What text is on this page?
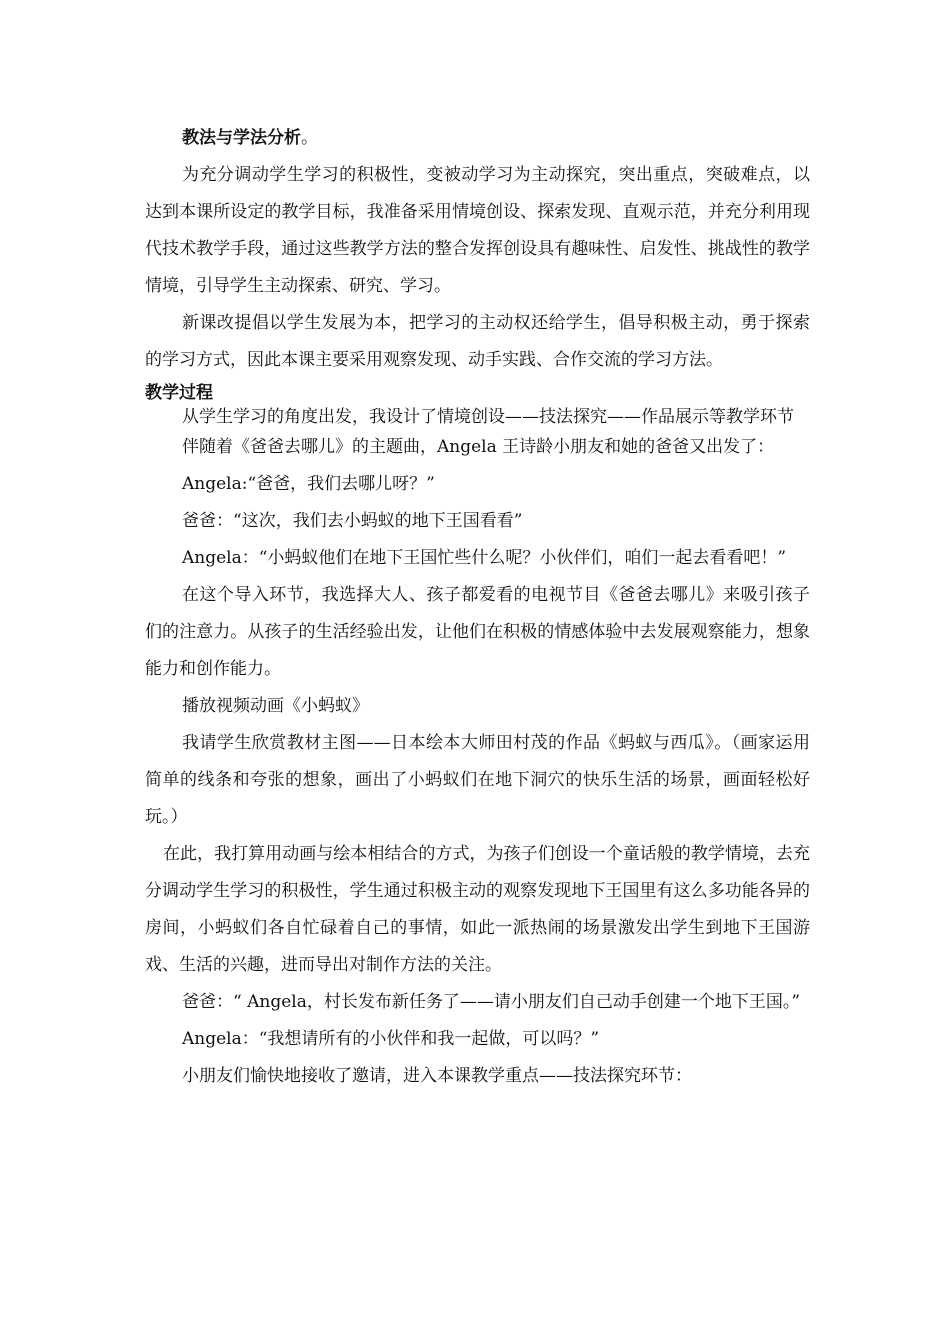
教法与学法分析。

为充分调动学生学习的积极性，变被动学习为主动探究，突出重点，突破难点，以达到本课所设定的教学目标，我准备采用情境创设、探索发现、直观示范，并充分利用现代技术教学手段，通过这些教学方法的整合发挥创设具有趣味性、启发性、挑战性的教学情境，引导学生主动探索、研究、学习。

新课改提倡以学生发展为本，把学习的主动权还给学生，倡导积极主动，勇于探索的学习方式，因此本课主要采用观察发现、动手实践、合作交流的学习方法。

教学过程

从学生学习的角度出发，我设计了情境创设——技法探究——作品展示等教学环节

伴随着《爸爸去哪儿》的主题曲，Angela 王诗龄小朋友和她的爸爸又出发了：

Angela:“爸爸，我们去哪儿呀？”

爸爸：“这次，我们去小蚂蚁的地下王国看看”

Angela：“小蚂蚁他们在地下王国忙些什么呢？小伙伴们，咱们一起去看看吧！”

在这个导入环节，我选择大人、孩子都爱看的电视节目《爸爸去哪儿》来吸引孩子们的注意力。从孩子的生活经验出发，让他们在积极的情感体验中去发展观察能力，想象能力和创作能力。

播放视频动画《小蚂蚁》

我请学生欣赏教材主图——日本绘本大师田村茂的作品《蚂蚁与西瓜》。（画家运用简单的线条和夸张的想象，画出了小蚂蚁们在地下洞穴的快乐生活的场景，画面轻松好玩。）

在此，我打算用动画与绘本相结合的方式，为孩子们创设一个童话般的教学情境，去充分调动学生学习的积极性，学生通过积极主动的观察发现地下王国里有这么多功能各异的房间，小蚂蚁们各自忙碌着自己的事情，如此一派热闹的场景激发出学生到地下王国游戏、生活的兴趣，进而导出对制作方法的关注。

爸爸：“ Angela，村长发布新任务了——请小朋友们自己动手创建一个地下王国。”

Angela：“我想请所有的小伙伴和我一起做，可以吗？”

小朋友们愉快地接收了邀请，进入本课教学重点——技法探究环节：
